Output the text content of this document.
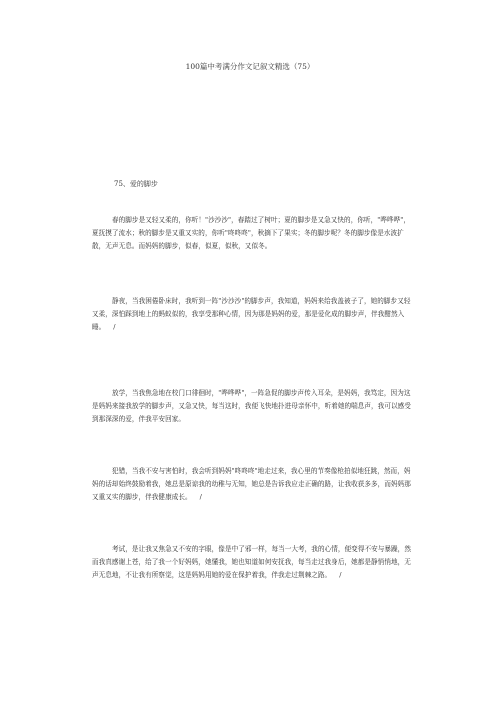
100篇中考满分作文记叙文精选（75）
75、爱的脚步

春的脚步是又轻又柔的，你听！"沙沙沙"，春踏过了树叶；夏的脚步是又急又快的，你听，"哗哗哗"，夏抚摸了流水；秋的脚步是又重又实的，你听"咚咚咚"，秋摘下了果实；冬的脚步呢？冬的脚步像是水波扩散，无声无息。而妈妈的脚步，似春，似夏，似秋，又似冬。

静夜，当我困倦卧床时，我听到一阵"沙沙沙"的脚步声，我知道，妈妈来给我盖被子了，她的脚步又轻又柔，深怕踩到地上的蚂蚁似的，我享受那种心情，因为那是妈妈的爱，那是爱化成的脚步声，伴我酣然入睡。 /

放学，当我焦急地在校门口徘徊时，"哗哗哗"，一阵急促的脚步声传入耳朵，是妈妈，我笃定，因为这是妈妈来接我放学的脚步声，又急又快，每当这时，我便飞快地扑进母亲怀中，听着她的喘息声，我可以感受到那深深的爱，伴我平安回家。

犯错，当我不安与害怕时，我会听到妈妈"咚咚咚"地走过来，我心里的节奏像枪拍似地狂跳，然而，妈妈的话却始终鼓励着我，她总是原谅我的幼稚与无知，她总是告诉我应走正确的路，让我收获多多，而妈妈那又重又实的脚步，伴我健康成长。 /

考试，是让我又焦急又不安的字眼，像是中了邪一样，每当一大考，我的心情，便变得不安与暴躁，然而我真感谢上苍，给了我一个好妈妈，她懂我，她也知道如何安抚我，每当走过我身后，她都是静悄悄地，无声无息地，不让我有所察觉，这是妈妈用她的爱在保护着我，伴我走过荆棘之路。 /
